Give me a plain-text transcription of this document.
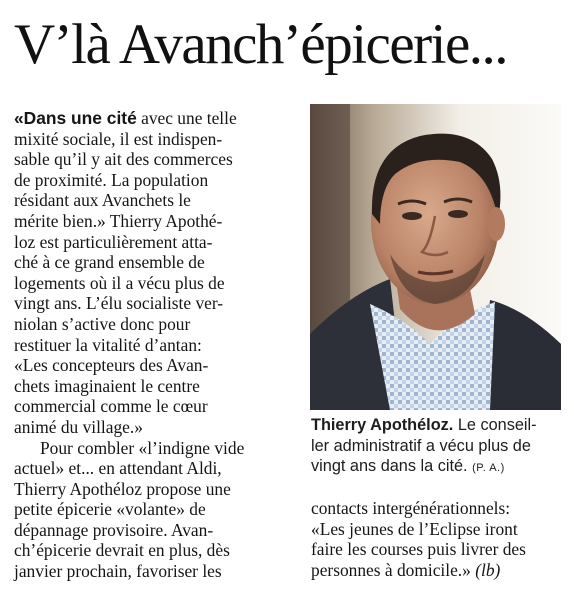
V’là Avanch’épicerie...

«Dans une cité avec une telle

mixité sociale, il est indispen-

sable qu’il y ait des commerces

de proximité. La population

résidant aux Avanchets le

mérite bien.» Thierry Apothé-

loz est particulièrement atta-

ché à ce grand ensemble de

logements où il a vécu plus de

vingt ans. L’élu socialiste ver-

niolan s’active donc pour

restituer la vitalité d’antan:

«Les concepteurs des Avan-

chets imaginaient le centre

commercial comme le cœur

animé du village.»

Pour combler «l’indigne vide

actuel» et... en attendant Aldi,

Thierry Apothéloz propose une

petite épicerie «volante» de

dépannage provisoire. Avan-

ch’épicerie devrait en plus, dès

janvier prochain, favoriser les

Thierry Apothéloz. Le conseil-

ler administratif a vécu plus de

vingt ans dans la cité. (P. A.)

contacts intergénérationnels:

«Les jeunes de l’Eclipse iront

faire les courses puis livrer des

personnes à domicile.» (lb)
